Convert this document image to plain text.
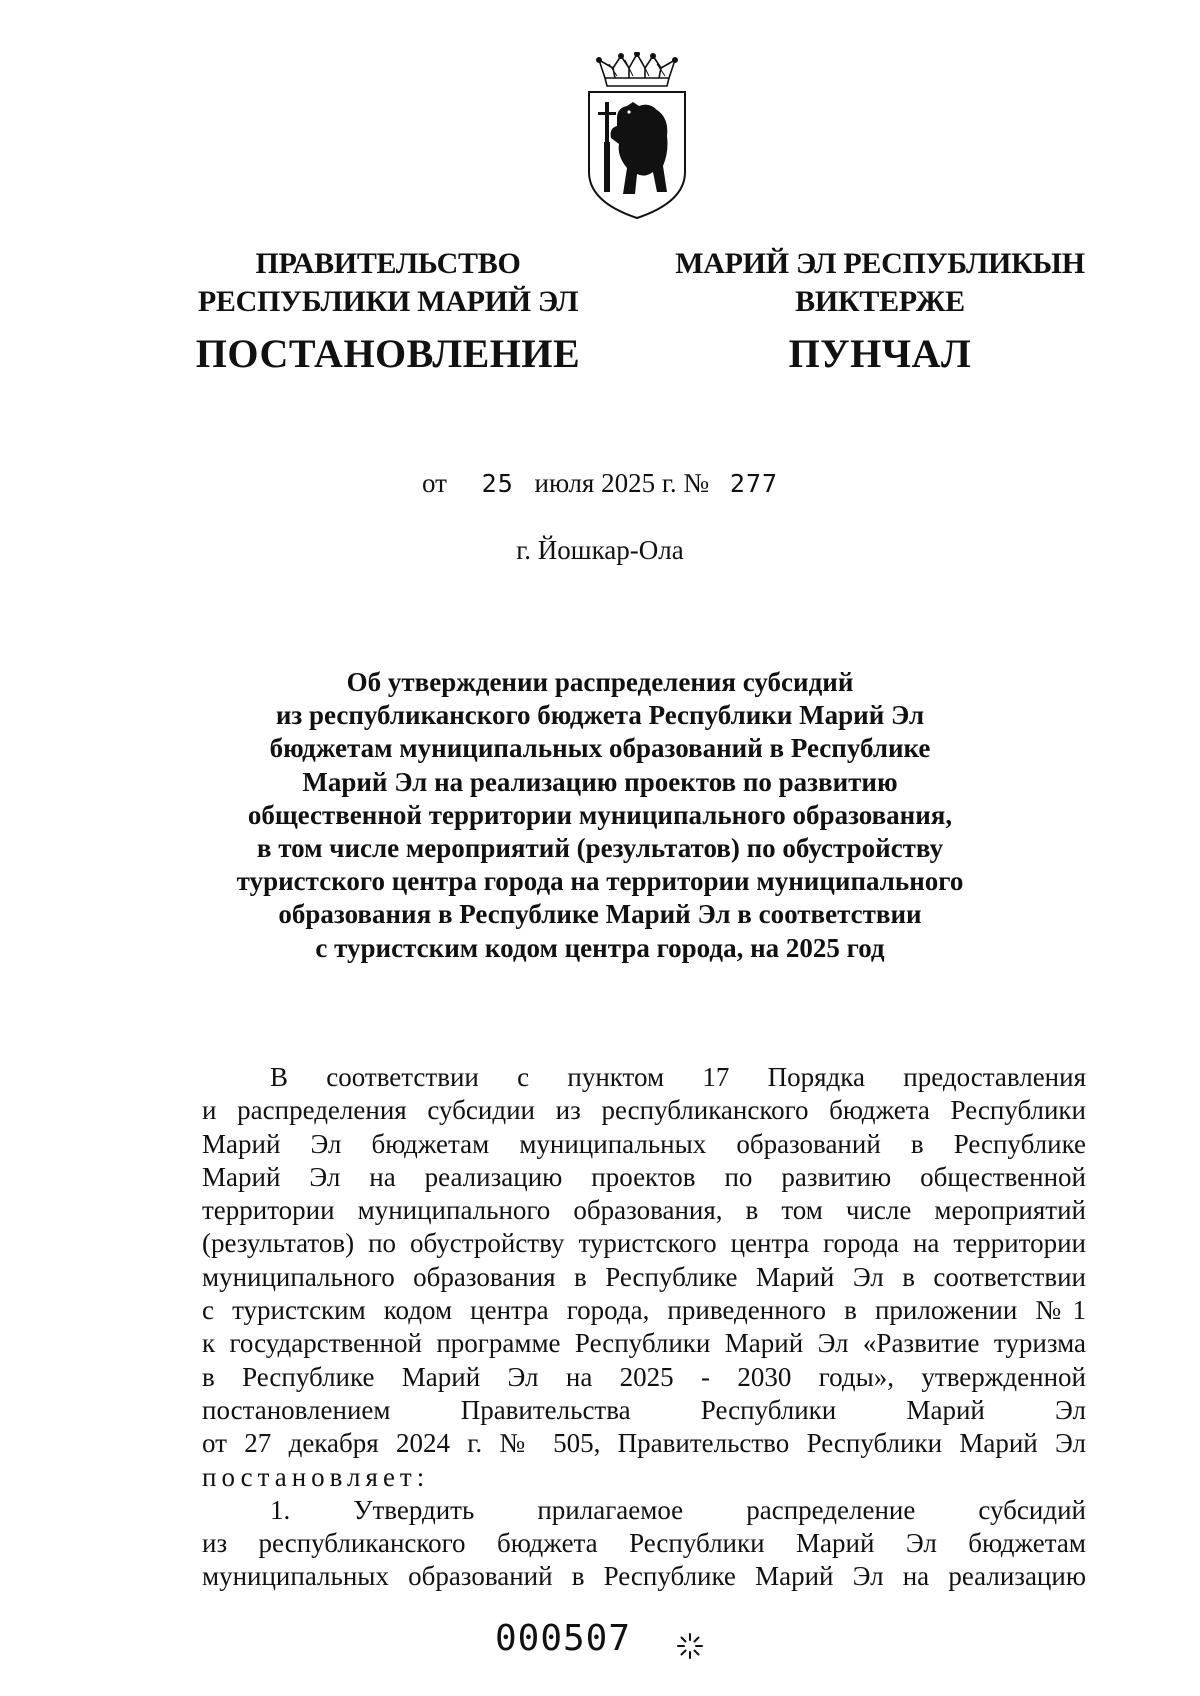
ПРАВИТЕЛЬСТВО
РЕСПУБЛИКИ МАРИЙ ЭЛ
ПОСТАНОВЛЕНИЕ
МАРИЙ ЭЛ РЕСПУБЛИКЫН
ВИКТЕРЖЕ
ПУНЧАЛ
от 25 июля 2025 г. № 277
г. Йошкар-Ола
Об утверждении распределения субсидий
из республиканского бюджета Республики Марий Эл
бюджетам муниципальных образований в Республике
Марий Эл на реализацию проектов по развитию
общественной территории муниципального образования,
в том числе мероприятий (результатов) по обустройству
туристского центра города на территории муниципального
образования в Республике Марий Эл в соответствии
с туристским кодом центра города, на 2025 год
В соответствии с пунктом 17 Порядка предоставления
и распределения субсидии из республиканского бюджета Республики
Марий Эл бюджетам муниципальных образований в Республике
Марий Эл на реализацию проектов по развитию общественной
территории муниципального образования, в том числе мероприятий
(результатов) по обустройству туристского центра города на территории
муниципального образования в Республике Марий Эл в соответствии
с туристским кодом центра города, приведенного в приложении №1
к государственной программе Республики Марий Эл «Развитие туризма
в Республике Марий Эл на 2025 - 2030 годы», утвержденной
постановлением Правительства Республики Марий Эл
от 27 декабря 2024 г. № 505, Правительство Республики Марий Эл
постановляет:
1. Утвердить прилагаемое распределение субсидий
из республиканского бюджета Республики Марий Эл бюджетам
муниципальных образований в Республике Марий Эл на реализацию
000507
